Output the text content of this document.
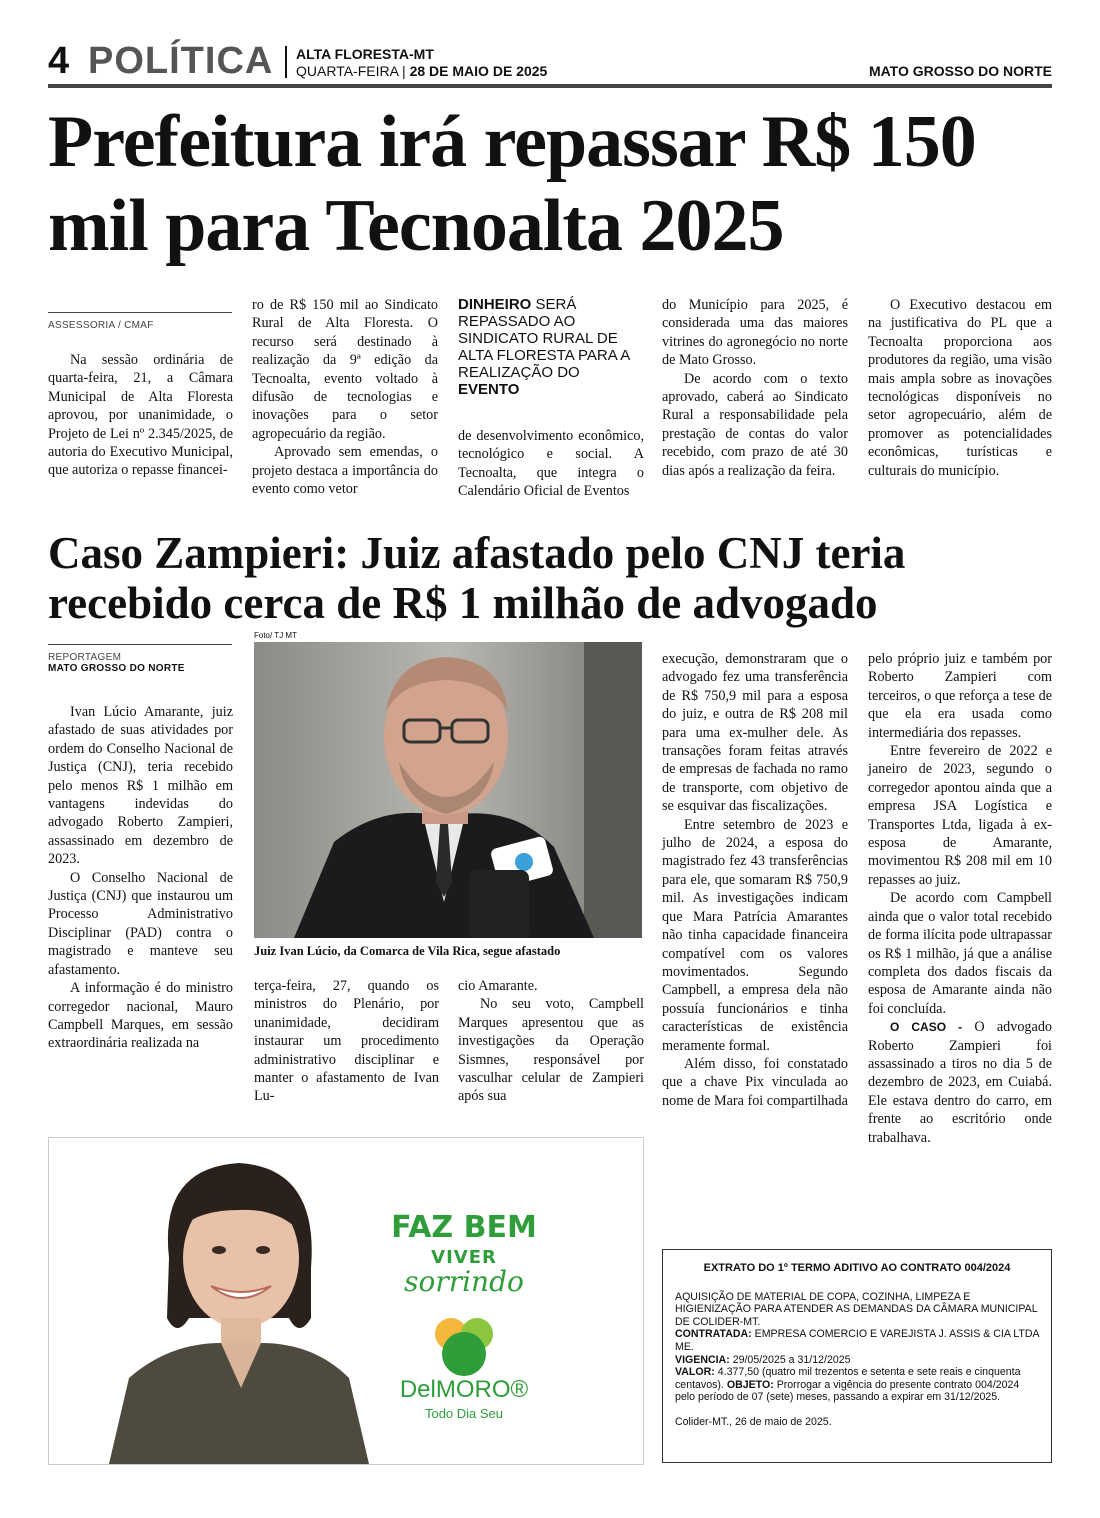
4 POLÍTICA ALTA FLORESTA-MT
QUARTA-FEIRA | 28 DE MAIO DE 2025	MATO GROSSO DO NORTE
Prefeitura irá repassar R$ 150 mil para Tecnoalta 2025
ASSESSORIA / CMAF

Na sessão ordinária de quarta-feira, 21, a Câmara Municipal de Alta Floresta aprovou, por unanimidade, o Projeto de Lei nº 2.345/2025, de autoria do Executivo Municipal, que autoriza o repasse financei-

ro de R$ 150 mil ao Sindicato Rural de Alta Floresta. O recurso será destinado à realização da 9ª edição da Tecnoalta, evento voltado à difusão de tecnologias e inovações para o setor agropecuário da região.

Aprovado sem emendas, o projeto destaca a importância do evento como vetor

DINHEIRO SERÁ REPASSADO AO SINDICATO RURAL DE ALTA FLORESTA PARA A REALIZAÇÃO DO EVENTO

de desenvolvimento econômico, tecnológico e social. A Tecnoalta, que integra o Calendário Oficial de Eventos

do Município para 2025, é considerada uma das maiores vitrines do agronegócio no norte de Mato Grosso.

De acordo com o texto aprovado, caberá ao Sindicato Rural a responsabilidade pela prestação de contas do valor recebido, com prazo de até 30 dias após a realização da feira.

O Executivo destacou em na justificativa do PL que a Tecnoalta proporciona aos produtores da região, uma visão mais ampla sobre as inovações tecnológicas disponíveis no setor agropecuário, além de promover as potencialidades econômicas, turísticas e culturais do município.

Caso Zampieri: Juiz afastado pelo CNJ teria recebido cerca de R$ 1 milhão de advogado
REPORTAGEM
MATO GROSSO DO NORTE

Ivan Lúcio Amarante, juiz afastado de suas atividades por ordem do Conselho Nacional de Justiça (CNJ), teria recebido pelo menos R$ 1 milhão em vantagens indevidas do advogado Roberto Zampieri, assassinado em dezembro de 2023.

O Conselho Nacional de Justiça (CNJ) que instaurou um Processo Administrativo Disciplinar (PAD) contra o magistrado e manteve seu afastamento.

A informação é do ministro corregedor nacional, Mauro Campbell Marques, em sessão extraordinária realizada na

Foto/ TJ MT
Juiz Ivan Lúcio, da Comarca de Vila Rica, segue afastado

terça-feira, 27, quando os ministros do Plenário, por unanimidade, decidiram instaurar um procedimento administrativo disciplinar e manter o afastamento de Ivan Lu-

cio Amarante.

No seu voto, Campbell Marques apresentou que as investigações da Operação Sismnes, responsável por vasculhar celular de Zampieri após sua

execução, demonstraram que o advogado fez uma transferência de R$ 750,9 mil para a esposa do juiz, e outra de R$ 208 mil para uma ex-mulher dele. As transações foram feitas através de empresas de fachada no ramo de transporte, com objetivo de se esquivar das fiscalizações.

Entre setembro de 2023 e julho de 2024, a esposa do magistrado fez 43 transferências para ele, que somaram R$ 750,9 mil. As investigações indicam que Mara Patrícia Amarantes não tinha capacidade financeira compatível com os valores movimentados. Segundo Campbell, a empresa dela não possuía funcionários e tinha características de existência meramente formal.

Além disso, foi constatado que a chave Pix vinculada ao nome de Mara foi compartilhada

pelo próprio juiz e também por Roberto Zampieri com terceiros, o que reforça a tese de que ela era usada como intermediária dos repasses.

Entre fevereiro de 2022 e janeiro de 2023, segundo o corregedor apontou ainda que a empresa JSA Logística e Transportes Ltda, ligada à ex-esposa de Amarante, movimentou R$ 208 mil em 10 repasses ao juiz.

De acordo com Campbell ainda que o valor total recebido de forma ilícita pode ultrapassar os R$ 1 milhão, já que a análise completa dos dados fiscais da esposa de Amarante ainda não foi concluída.

O CASO - O advogado Roberto Zampieri foi assassinado a tiros no dia 5 de dezembro de 2023, em Cuiabá. Ele estava dentro do carro, em frente ao escritório onde trabalhava.

FAZ BEM
VIVER
sorrindo
DelMORO®
Todo Dia Seu
EXTRATO DO 1º TERMO ADITIVO AO CONTRATO 004/2024

AQUISIÇÃO DE MATERIAL DE COPA, COZINHA, LIMPEZA E HIGIENIZAÇÃO PARA ATENDER AS DEMANDAS DA CÂMARA MUNICIPAL DE COLIDER-MT.

CONTRATADA: EMPRESA COMERCIO E VAREJISTA J. ASSIS & CIA LTDA ME.

VIGENCIA: 29/05/2025 a 31/12/2025

VALOR: 4.377,50 (quatro mil trezentos e setenta e sete reais e cinquenta centavos). OBJETO: Prorrogar a vigência do presente contrato 004/2024 pelo período de 07 (sete) meses, passando a expirar em 31/12/2025.

Colider-MT., 26 de maio de 2025.
